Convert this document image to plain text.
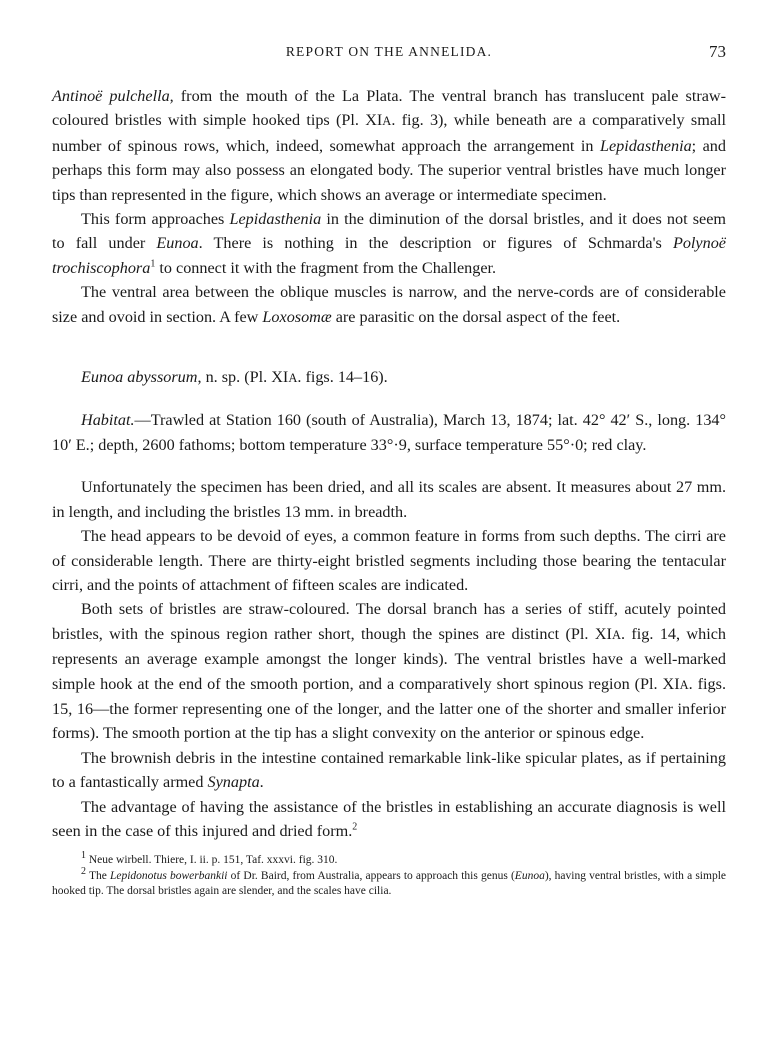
REPORT ON THE ANNELIDA.	73

Antinoë pulchella, from the mouth of the La Plata. The ventral branch has translucent pale straw-coloured bristles with simple hooked tips (Pl. XIA. fig. 3), while beneath are a comparatively small number of spinous rows, which, indeed, somewhat approach the arrangement in Lepidasthenia; and perhaps this form may also possess an elongated body. The superior ventral bristles have much longer tips than represented in the figure, which shows an average or intermediate specimen.

This form approaches Lepidasthenia in the diminution of the dorsal bristles, and it does not seem to fall under Eunoa. There is nothing in the description or figures of Schmarda's Polynoë trochiscophora$^1$ to connect it with the fragment from the Challenger.

The ventral area between the oblique muscles is narrow, and the nerve-cords are of considerable size and ovoid in section. A few Loxosomæ are parasitic on the dorsal aspect of the feet.

Eunoa abyssorum, n. sp. (Pl. XIA. figs. 14–16).

Habitat.—Trawled at Station 160 (south of Australia), March 13, 1874; lat. 42° 42′ S., long. 134° 10′ E.; depth, 2600 fathoms; bottom temperature 33°·9, surface temperature 55°·0; red clay.

Unfortunately the specimen has been dried, and all its scales are absent. It measures about 27 mm. in length, and including the bristles 13 mm. in breadth.

The head appears to be devoid of eyes, a common feature in forms from such depths. The cirri are of considerable length. There are thirty-eight bristled segments including those bearing the tentacular cirri, and the points of attachment of fifteen scales are indicated.

Both sets of bristles are straw-coloured. The dorsal branch has a series of stiff, acutely pointed bristles, with the spinous region rather short, though the spines are distinct (Pl. XIA. fig. 14, which represents an average example amongst the longer kinds). The ventral bristles have a well-marked simple hook at the end of the smooth portion, and a comparatively short spinous region (Pl. XIA. figs. 15, 16—the former representing one of the longer, and the latter one of the shorter and smaller inferior forms). The smooth portion at the tip has a slight convexity on the anterior or spinous edge.

The brownish debris in the intestine contained remarkable link-like spicular plates, as if pertaining to a fantastically armed Synapta.

The advantage of having the assistance of the bristles in establishing an accurate diagnosis is well seen in the case of this injured and dried form.$^2$

$^1$ Neue wirbell. Thiere, I. ii. p. 151, Taf. xxxvi. fig. 310.

$^2$ The Lepidonotus bowerbankii of Dr. Baird, from Australia, appears to approach this genus (Eunoa), having ventral bristles, with a simple hooked tip. The dorsal bristles again are slender, and the scales have cilia.
